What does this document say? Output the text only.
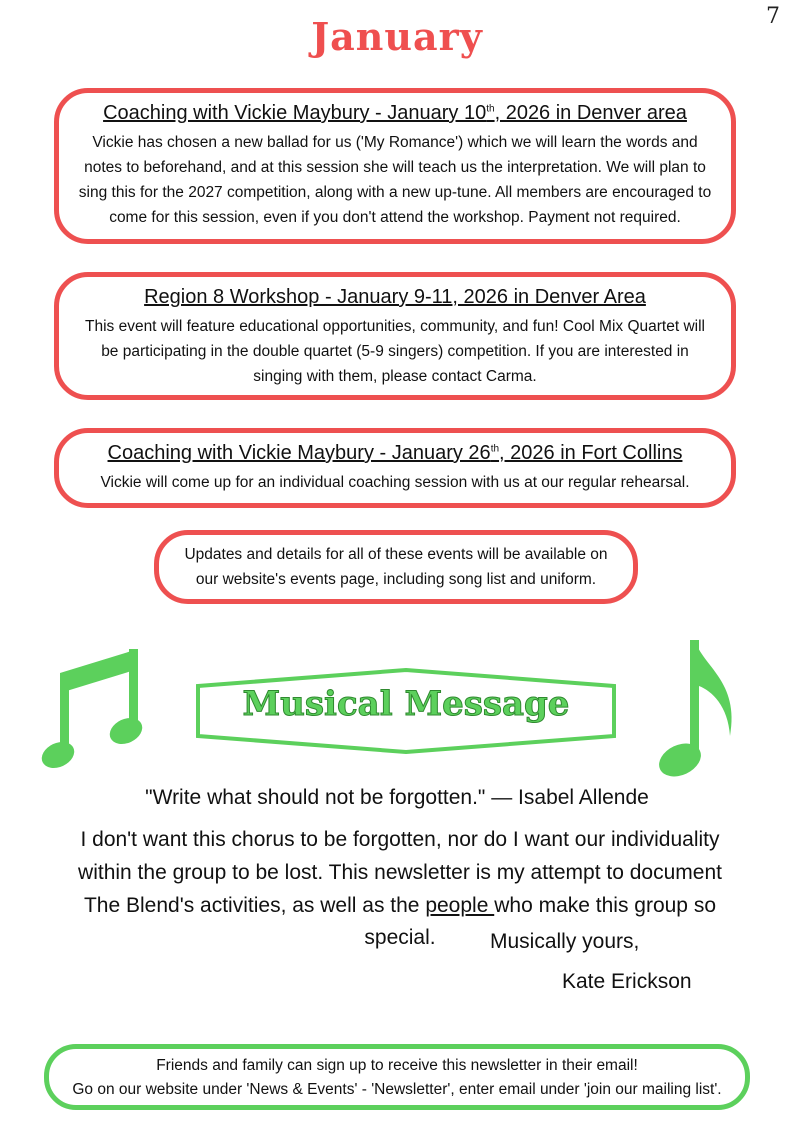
7
January
Coaching with Vickie Maybury - January 10th, 2026 in Denver area
Vickie has chosen a new ballad for us ('My Romance') which we will learn the words and notes to beforehand, and at this session she will teach us the interpretation. We will plan to sing this for the 2027 competition, along with a new up-tune. All members are encouraged to come for this session, even if you don't attend the workshop. Payment not required.
Region 8 Workshop - January 9-11, 2026 in Denver Area
This event will feature educational opportunities, community, and fun! Cool Mix Quartet will be participating in the double quartet (5-9 singers) competition. If you are interested in singing with them, please contact Carma.
Coaching with Vickie Maybury - January 26th, 2026 in Fort Collins
Vickie will come up for an individual coaching session with us at our regular rehearsal.
Updates and details for all of these events will be available on our website's events page, including song list and uniform.
Musical Message
"Write what should not be forgotten." — Isabel Allende
I don't want this chorus to be forgotten, nor do I want our individuality within the group to be lost. This newsletter is my attempt to document The Blend's activities, as well as the people who make this group so special.	Musically yours,
Kate Erickson
Friends and family can sign up to receive this newsletter in their email!
Go on our website under 'News & Events' - 'Newsletter', enter email under 'join our mailing list'.
